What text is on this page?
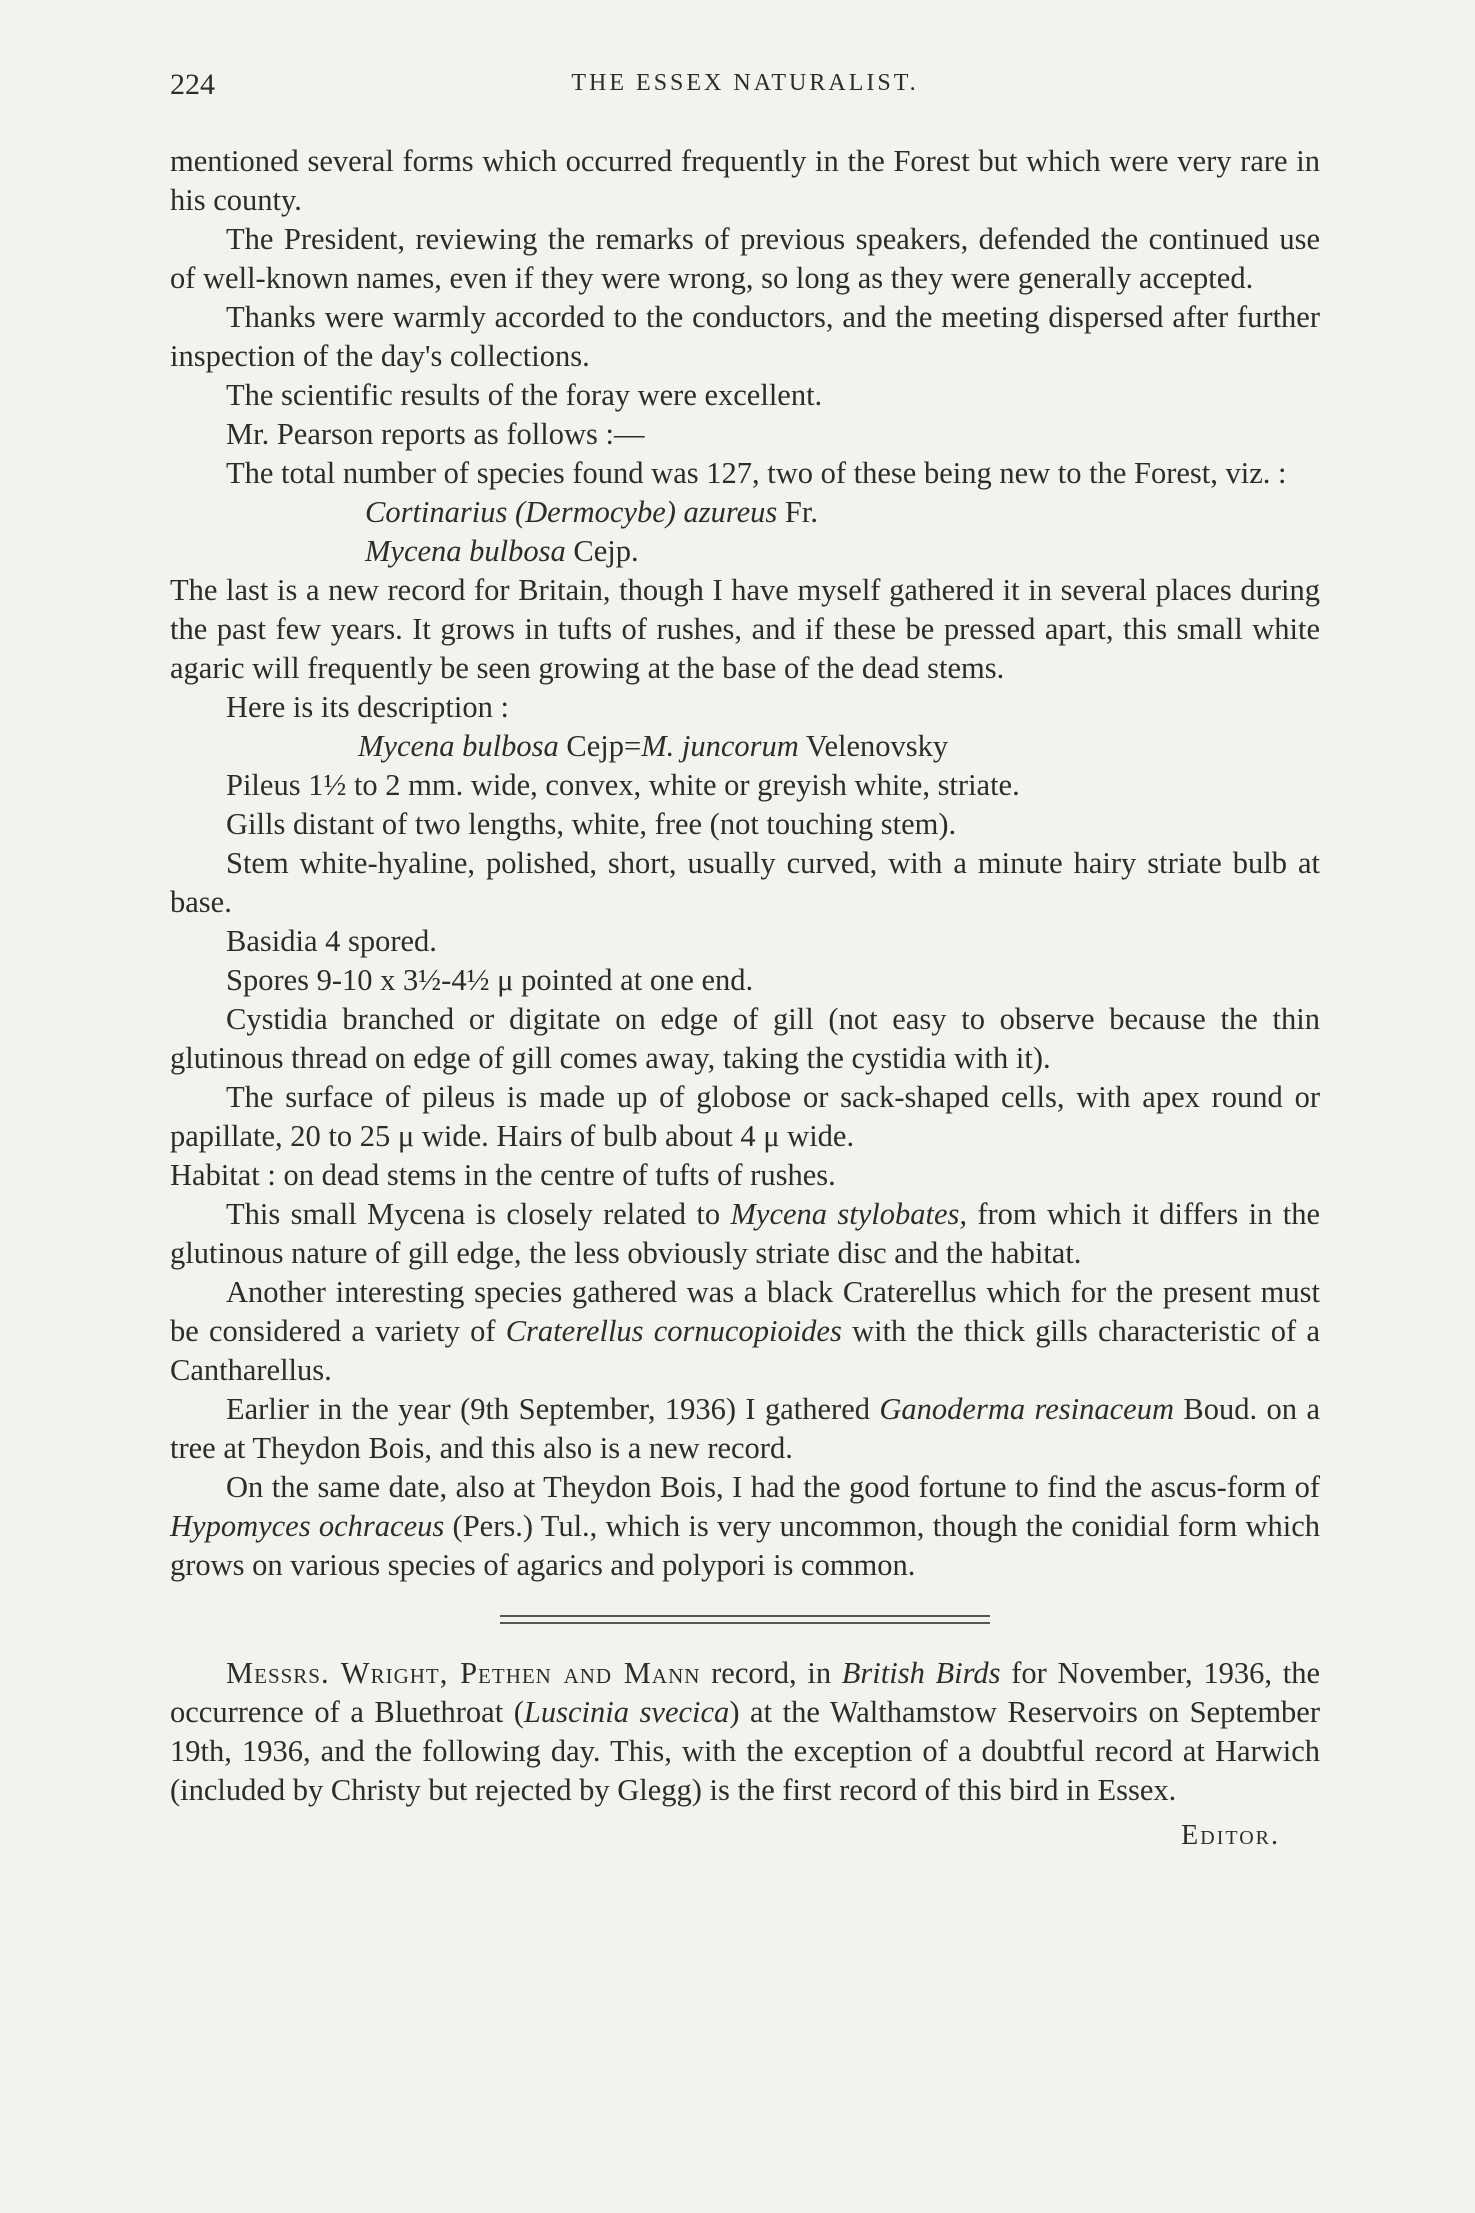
224	THE ESSEX NATURALIST.

mentioned several forms which occurred frequently in the Forest but which were very rare in his county.

The President, reviewing the remarks of previous speakers, defended the continued use of well-known names, even if they were wrong, so long as they were generally accepted.

Thanks were warmly accorded to the conductors, and the meeting dispersed after further inspection of the day's collections.

The scientific results of the foray were excellent.

Mr. Pearson reports as follows :—

The total number of species found was 127, two of these being new to the Forest, viz. :

Cortinarius (Dermocybe) azureus Fr.

Mycena bulbosa Cejp.

The last is a new record for Britain, though I have myself gathered it in several places during the past few years. It grows in tufts of rushes, and if these be pressed apart, this small white agaric will frequently be seen growing at the base of the dead stems.

Here is its description :

Mycena bulbosa Cejp=M. juncorum Velenovsky

Pileus 1½ to 2 mm. wide, convex, white or greyish white, striate.

Gills distant of two lengths, white, free (not touching stem).

Stem white-hyaline, polished, short, usually curved, with a minute hairy striate bulb at base.

Basidia 4 spored.

Spores 9-10 x 3½-4½ μ pointed at one end.

Cystidia branched or digitate on edge of gill (not easy to observe because the thin glutinous thread on edge of gill comes away, taking the cystidia with it).

The surface of pileus is made up of globose or sack-shaped cells, with apex round or papillate, 20 to 25 μ wide. Hairs of bulb about 4 μ wide.

Habitat : on dead stems in the centre of tufts of rushes.

This small Mycena is closely related to Mycena stylobates, from which it differs in the glutinous nature of gill edge, the less obviously striate disc and the habitat.

Another interesting species gathered was a black Craterellus which for the present must be considered a variety of Craterellus cornucopioides with the thick gills characteristic of a Cantharellus.

Earlier in the year (9th September, 1936) I gathered Ganoderma resinaceum Boud. on a tree at Theydon Bois, and this also is a new record.

On the same date, also at Theydon Bois, I had the good fortune to find the ascus-form of Hypomyces ochraceus (Pers.) Tul., which is very uncommon, though the conidial form which grows on various species of agarics and polypori is common.

Messrs. Wright, Pethen and Mann record, in British Birds for November, 1936, the occurrence of a Bluethroat (Luscinia svecica) at the Walthamstow Reservoirs on September 19th, 1936, and the following day. This, with the exception of a doubtful record at Harwich (included by Christy but rejected by Glegg) is the first record of this bird in Essex.

Editor.
